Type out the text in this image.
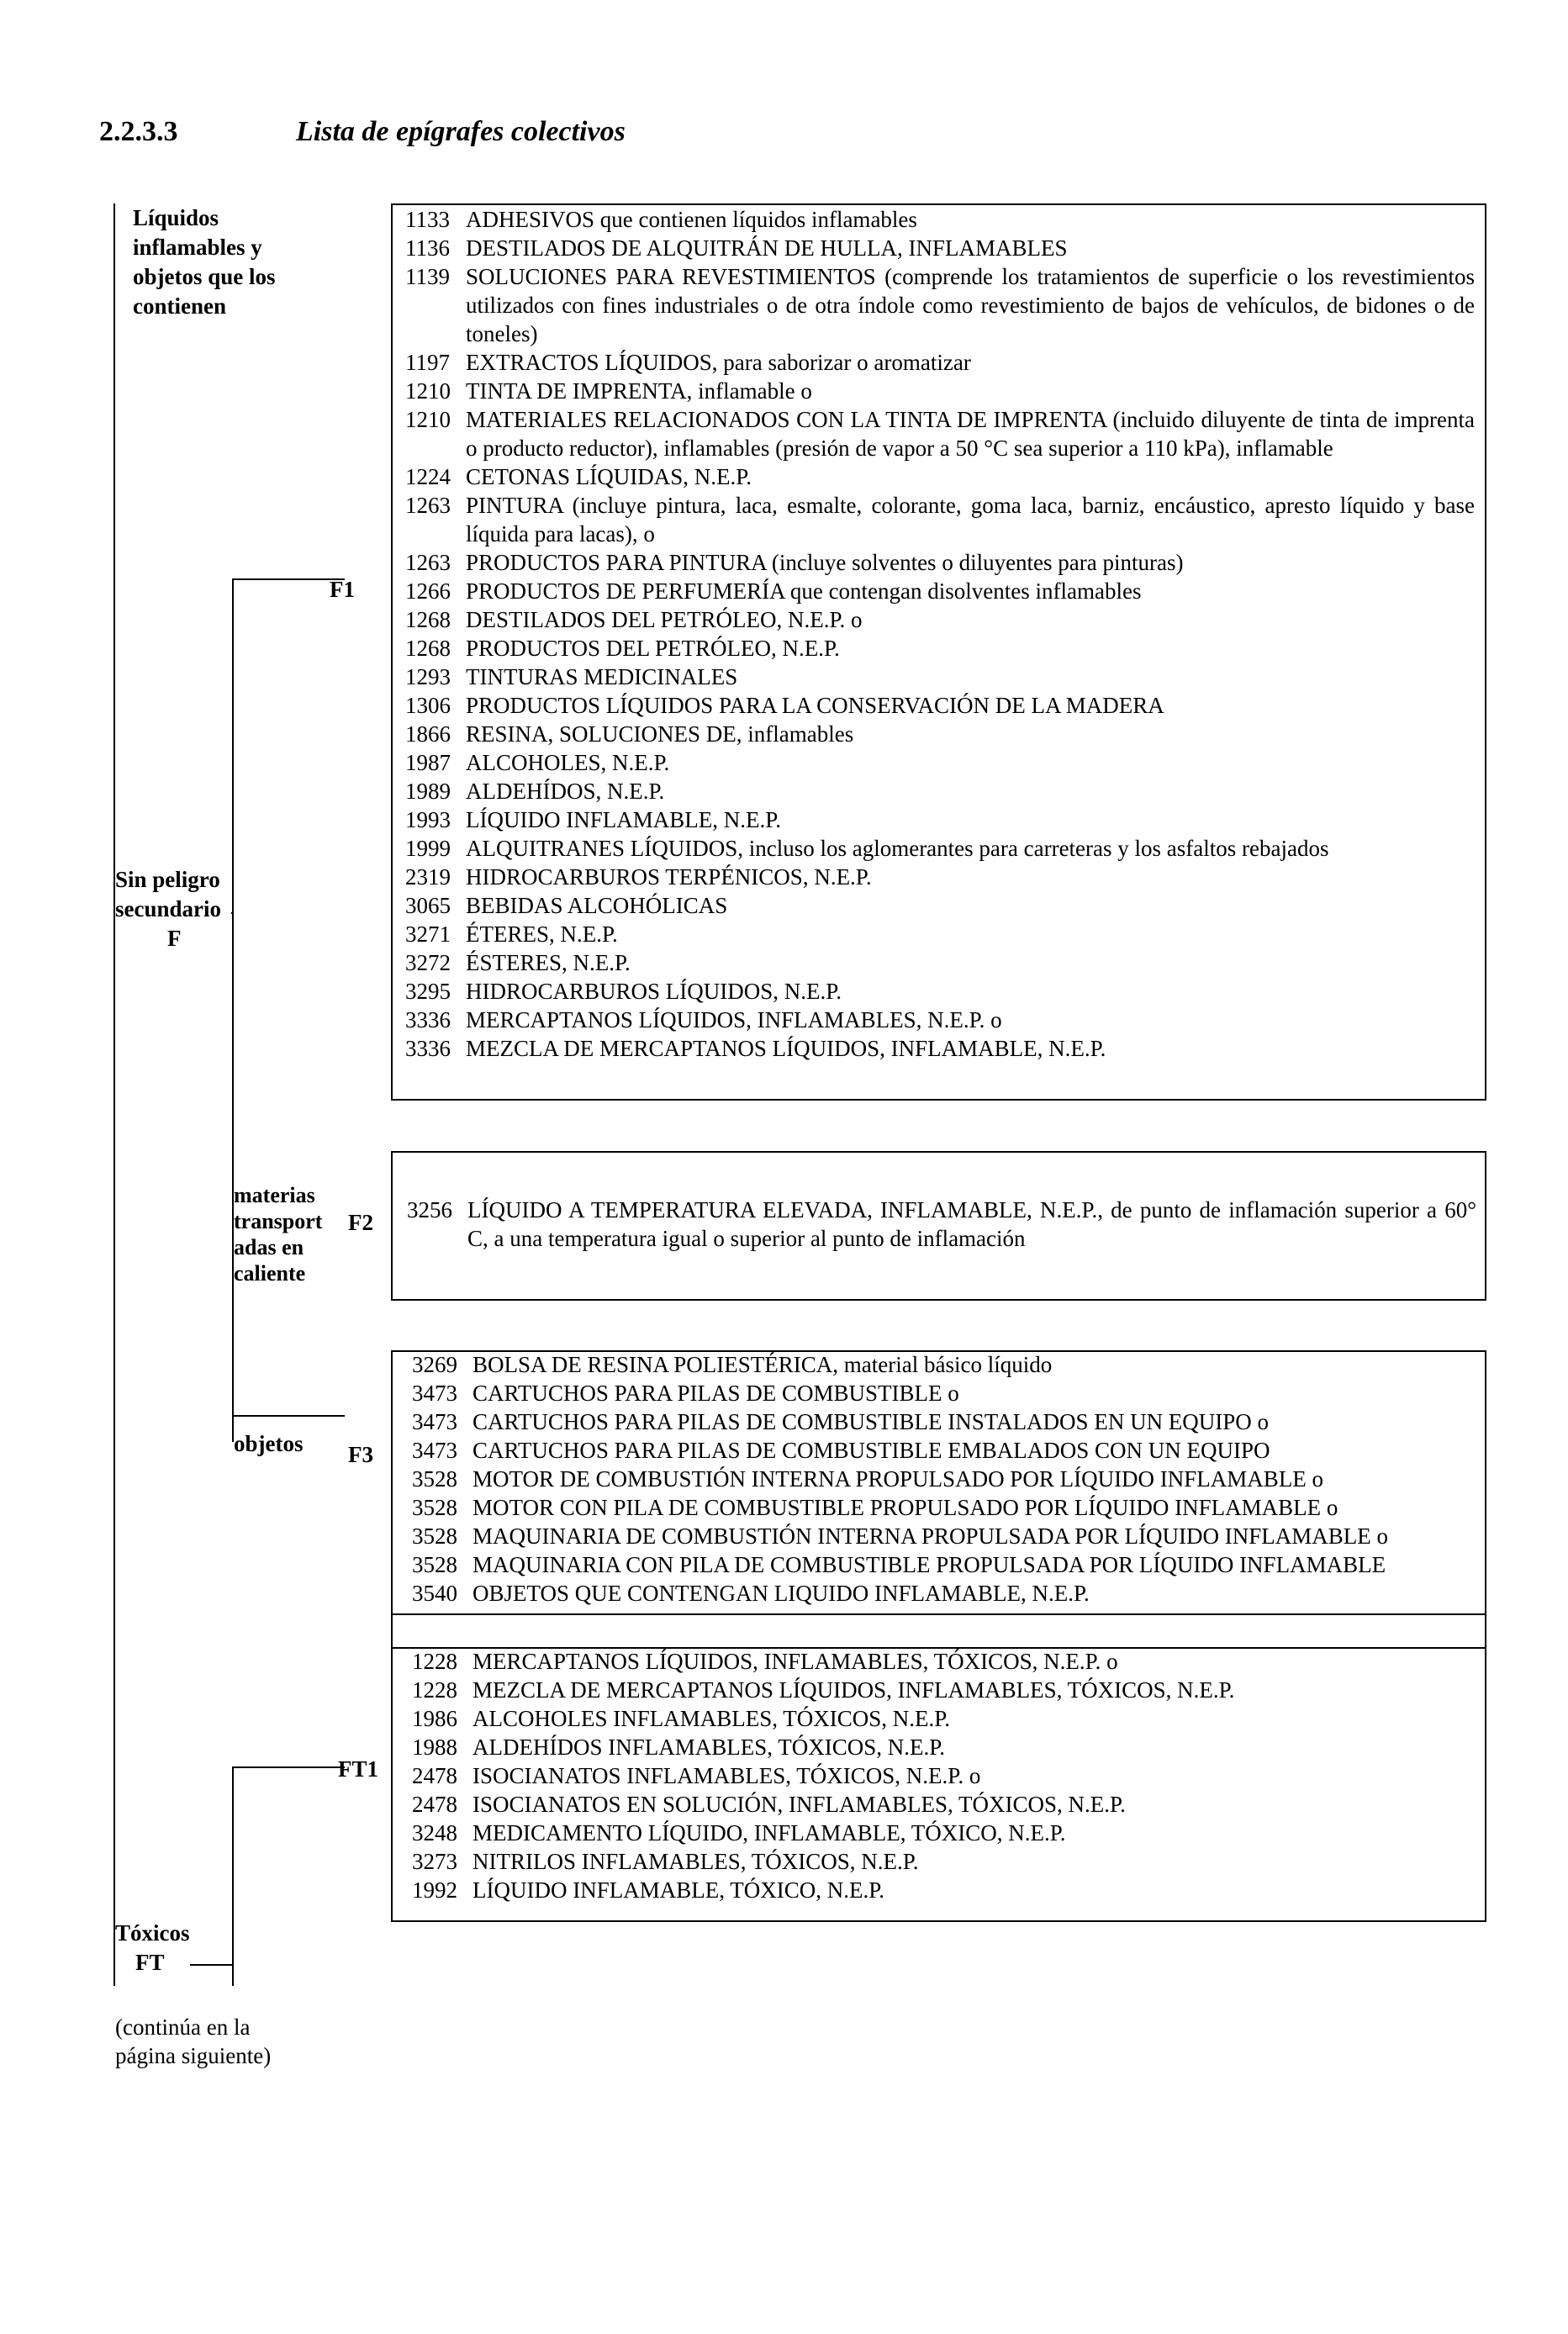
2.2.3.3	Lista de epígrafes colectivos
Líquidos
inflamables y
objetos que los
contienen
Sin peligro
secundario
F
Tóxicos
FT
(continúa en la
página siguiente)
materias
transport
adas en
caliente
objetos
F1
F2
F3
FT1
1133 ADHESIVOS que contienen líquidos inflamables
1136 DESTILADOS DE ALQUITRÁN DE HULLA, INFLAMABLES
1139 SOLUCIONES PARA REVESTIMIENTOS (comprende los tratamientos de superficie o los revestimientos utilizados con fines industriales o de otra índole como revestimiento de bajos de vehículos, de bidones o de toneles)
1197 EXTRACTOS LÍQUIDOS, para saborizar o aromatizar
1210 TINTA DE IMPRENTA, inflamable o
1210 MATERIALES RELACIONADOS CON LA TINTA DE IMPRENTA (incluido diluyente de tinta de imprenta o producto reductor), inflamables (presión de vapor a 50 °C sea superior a 110 kPa), inflamable
1224 CETONAS LÍQUIDAS, N.E.P.
1263 PINTURA (incluye pintura, laca, esmalte, colorante, goma laca, barniz, encáustico, apresto líquido y base líquida para lacas), o
1263 PRODUCTOS PARA PINTURA (incluye solventes o diluyentes para pinturas)
1266 PRODUCTOS DE PERFUMERÍA que contengan disolventes inflamables
1268 DESTILADOS DEL PETRÓLEO, N.E.P. o
1268 PRODUCTOS DEL PETRÓLEO, N.E.P.
1293 TINTURAS MEDICINALES
1306 PRODUCTOS LÍQUIDOS PARA LA CONSERVACIÓN DE LA MADERA
1866 RESINA, SOLUCIONES DE, inflamables
1987 ALCOHOLES, N.E.P.
1989 ALDEHÍDOS, N.E.P.
1993 LÍQUIDO INFLAMABLE, N.E.P.
1999 ALQUITRANES LÍQUIDOS, incluso los aglomerantes para carreteras y los asfaltos rebajados
2319 HIDROCARBUROS TERPÉNICOS, N.E.P.
3065 BEBIDAS ALCOHÓLICAS
3271 ÉTERES, N.E.P.
3272 ÉSTERES, N.E.P.
3295 HIDROCARBUROS LÍQUIDOS, N.E.P.
3336 MERCAPTANOS LÍQUIDOS, INFLAMABLES, N.E.P. o
3336 MEZCLA DE MERCAPTANOS LÍQUIDOS, INFLAMABLE, N.E.P.
3256 LÍQUIDO A TEMPERATURA ELEVADA, INFLAMABLE, N.E.P., de punto de inflamación superior a 60° C, a una temperatura igual o superior al punto de inflamación
3269 BOLSA DE RESINA POLIESTÉRICA, material básico líquido
3473 CARTUCHOS PARA PILAS DE COMBUSTIBLE o
3473 CARTUCHOS PARA PILAS DE COMBUSTIBLE INSTALADOS EN UN EQUIPO o
3473 CARTUCHOS PARA PILAS DE COMBUSTIBLE EMBALADOS CON UN EQUIPO
3528 MOTOR DE COMBUSTIÓN INTERNA PROPULSADO POR LÍQUIDO INFLAMABLE o
3528 MOTOR CON PILA DE COMBUSTIBLE PROPULSADO POR LÍQUIDO INFLAMABLE o
3528 MAQUINARIA DE COMBUSTIÓN INTERNA PROPULSADA POR LÍQUIDO INFLAMABLE o
3528 MAQUINARIA CON PILA DE COMBUSTIBLE PROPULSADA POR LÍQUIDO INFLAMABLE
3540 OBJETOS QUE CONTENGAN LIQUIDO INFLAMABLE, N.E.P.
1228 MERCAPTANOS LÍQUIDOS, INFLAMABLES, TÓXICOS, N.E.P. o
1228 MEZCLA DE MERCAPTANOS LÍQUIDOS, INFLAMABLES, TÓXICOS, N.E.P.
1986 ALCOHOLES INFLAMABLES, TÓXICOS, N.E.P.
1988 ALDEHÍDOS INFLAMABLES, TÓXICOS, N.E.P.
2478 ISOCIANATOS INFLAMABLES, TÓXICOS, N.E.P. o
2478 ISOCIANATOS EN SOLUCIÓN, INFLAMABLES, TÓXICOS, N.E.P.
3248 MEDICAMENTO LÍQUIDO, INFLAMABLE, TÓXICO, N.E.P.
3273 NITRILOS INFLAMABLES, TÓXICOS, N.E.P.
1992 LÍQUIDO INFLAMABLE, TÓXICO, N.E.P.
